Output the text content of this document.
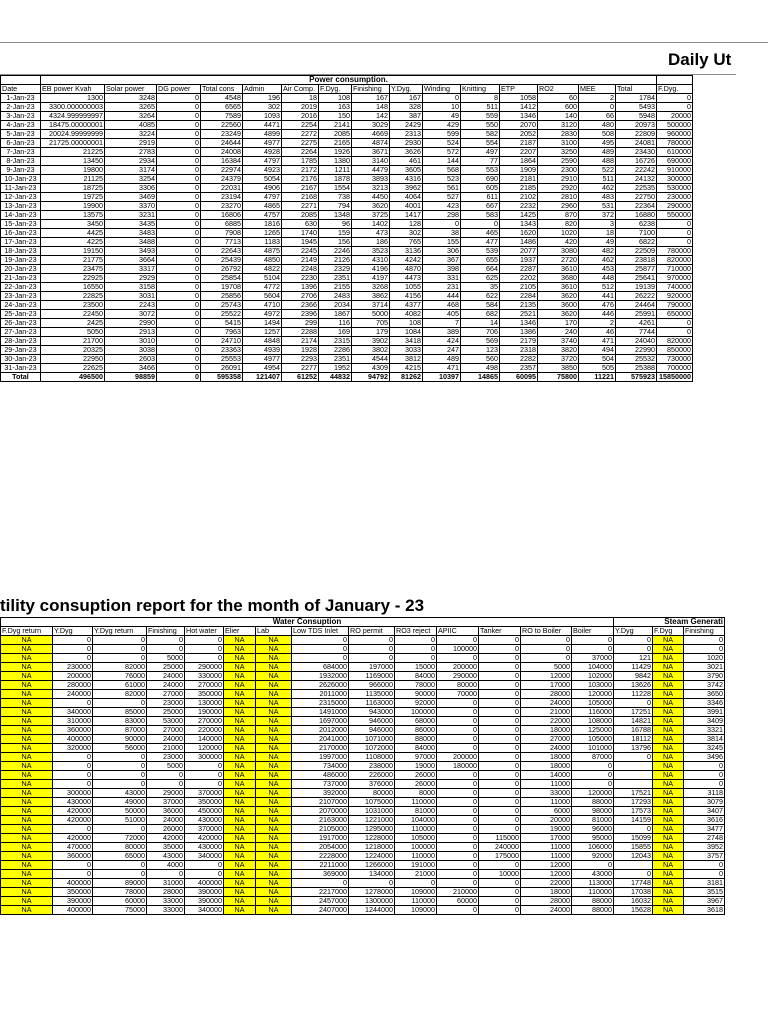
Daily Ut
	Power consumption.															
Date	EB power Kvah	Solar power	DG power	Total cons	Admin	Air Comp.	F.Dyg.	Finishing	Y.Dyg.	Winding	Knitting	ETP	RO2	MEE	Total	F.Dyg.
1-Jan-23	1300	3248	0	4548	196	18	108	167	167	0	8	1058	60	2	1784	0
2-Jan-23	3300.000000003	3265	0	6565	302	2019	163	148	328	10	511	1412	600	0	5493	0
3-Jan-23	4324.999999997	3264	0	7589	1093	2016	150	142	387	49	559	1346	140	66	5948	20000
4-Jan-23	18475.00000001	4085	0	22560	4471	2254	2141	3029	2429	429	550	2070	3120	480	20973	500000
5-Jan-23	20024.99999999	3224	0	23249	4899	2272	2085	4669	2313	599	582	2052	2830	508	22809	960000
6-Jan-23	21725.00000001	2919	0	24644	4977	2275	2165	4874	2930	524	554	2187	3100	495	24081	780000
7-Jan-23	21225	2783	0	24008	4928	2264	1926	3671	3626	572	497	2207	3250	489	23430	610000
8-Jan-23	13450	2934	0	16384	4797	1785	1380	3140	461	144	77	1864	2590	488	16726	690000
9-Jan-23	19800	3174	0	22974	4923	2172	1211	4479	3605	568	553	1909	2300	522	22242	910000
10-Jan-23	21125	3254	0	24379	5054	2176	1878	3893	4316	523	690	2181	2910	511	24132	300000
11-Jan-23	18725	3306	0	22031	4906	2167	1554	3213	3962	561	605	2185	2920	462	22535	530000
12-Jan-23	19725	3469	0	23194	4797	2168	738	4450	4064	527	611	2102	2810	483	22750	230000
13-Jan-23	19900	3370	0	23270	4865	2271	794	3620	4001	423	667	2232	2960	531	22364	290000
14-Jan-23	13575	3231	0	16806	4757	2085	1348	3725	1417	298	583	1425	870	372	16880	550000
15-Jan-23	3450	3435	0	6885	1816	630	96	1402	128	0	0	1343	820	3	6238	0
16-Jan-23	4425	3483	0	7908	1265	1740	159	473	302	38	465	1620	1020	18	7100	0
17-Jan-23	4225	3488	0	7713	1183	1945	156	186	765	155	477	1486	420	49	6822	0
18-Jan-23	19150	3493	0	22643	4875	2245	2246	3523	3136	306	539	2077	3080	482	22509	780000
19-Jan-23	21775	3664	0	25439	4850	2149	2126	4310	4242	367	655	1937	2720	462	23818	820000
20-Jan-23	23475	3317	0	26792	4822	2248	2329	4196	4870	398	664	2287	3610	453	25877	710000
21-Jan-23	22925	2929	0	25854	5104	2230	2351	4197	4473	331	625	2202	3680	448	25641	970000
22-Jan-23	16550	3158	0	19708	4772	1396	2155	3268	1055	231	35	2105	3610	512	19139	740000
23-Jan-23	22825	3031	0	25856	5604	2706	2483	3862	4156	444	622	2284	3620	441	26222	920000
24-Jan-23	23500	2243	0	25743	4710	2366	2034	3714	4377	468	584	2135	3600	476	24464	790000
25-Jan-23	22450	3072	0	25522	4972	2396	1867	5000	4082	405	682	2521	3620	446	25991	650000
26-Jan-23	2425	2990	0	5415	1494	299	116	705	108	7	14	1346	170	2	4261	0
27-Jan-23	5050	2913	0	7963	1257	2288	169	179	1084	389	706	1386	240	46	7744	0
28-Jan-23	21700	3010	0	24710	4848	2174	2315	3902	3418	424	569	2179	3740	471	24040	820000
29-Jan-23	20325	3038	0	23363	4939	1928	2286	3802	3033	247	123	2318	3820	494	22990	850000
30-Jan-23	22950	2603	0	25553	4977	2293	2351	4544	3812	489	560	2282	3720	504	25532	730000
31-Jan-23	22625	3466	0	26091	4954	2277	1952	4309	4215	471	498	2357	3850	505	25388	700000
Total	496500	98859	0	595358	121407	61252	44832	94792	81262	10397	14865	60095	75800	11221	575923	15850000
tility consuption report for the month of January - 23
Water Consuption														Steam Generati		
F.Dyg return	Y.Dyg	Y.Dyg return	Finishing	Hot water	Elier	Lab	Low TDS Inlet	RO permit	RO3 reject	APIIC	Tanker	RO to Boiler	Boiler	Y.Dyg	F.Dyg	Finishing
NA	0	0	0	0	NA	NA	0	0	0	0	0	0	0	0	NA	0
NA	0	0	0	0	NA	NA	0	0	0	100000	0	0	0	0	NA	0
NA	0	0	5000	0	NA	NA	0	0	0	0	0	0	37000	121	NA	1020
NA	230000	82000	25000	290000	NA	NA	684000	197000	15000	200000	0	5000	104000	11429	NA	3021
NA	200000	76000	24000	330000	NA	NA	1932000	1169000	84000	290000	0	12000	102000	9842	NA	3790
NA	280000	61000	24000	270000	NA	NA	2626000	966000	78000	80000	0	17000	103000	13626	NA	3742
NA	240000	82000	27000	350000	NA	NA	2011000	1135000	90000	70000	0	28000	120000	11228	NA	3650
NA	0	0	23000	130000	NA	NA	2315000	1163000	92000	0	0	24000	105000	0	NA	3346
NA	340000	85000	25000	190000	NA	NA	1491000	943000	100000	0	0	21000	116000	17251	NA	3991
NA	310000	83000	53000	270000	NA	NA	1697000	946000	68000	0	0	22000	108000	14821	NA	3409
NA	360000	87000	27000	220000	NA	NA	2012000	946000	86000	0	0	18000	125000	16788	NA	3321
NA	400000	90000	24000	140000	NA	NA	2041000	1071000	88000	0	0	27000	105000	18112	NA	3814
NA	320000	56000	21000	120000	NA	NA	2170000	1072000	84000	0	0	24000	101000	13796	NA	3245
NA	0	0	23000	300000	NA	NA	1997000	1108000	97000	200000	0	18000	87000	0	NA	3496
NA	0	0	5000	0	NA	NA	734000	238000	19000	180000	0	18000	0		NA	0
NA	0	0	0	0	NA	NA	486000	226000	26000	0	0	14000	0		NA	0
NA	0	0	0	0	NA	NA	737000	376000	26000	0	0	11000	0		NA	0
NA	300000	43000	29000	370000	NA	NA	392000	80000	8000	0	0	33000	120000	17521	NA	3118
NA	430000	49000	37000	350000	NA	NA	2107000	1075000	110000	0	0	11000	88000	17293	NA	3079
NA	420000	50000	36000	450000	NA	NA	2070000	1031000	81000	0	0	6000	98000	17573	NA	3407
NA	420000	51000	24000	430000	NA	NA	2163000	1221000	104000	0	0	20000	81000	14159	NA	3616
NA	0	0	26000	370000	NA	NA	2105000	1295000	110000	0	0	19000	96000	0	NA	3477
NA	420000	72000	42000	420000	NA	NA	1917000	1228000	105000	0	115000	17000	95000	15099	NA	2748
NA	470000	80000	35000	430000	NA	NA	2054000	1218000	100000	0	240000	11000	106000	15855	NA	3952
NA	360000	65000	43000	340000	NA	NA	2228000	1224000	110000	0	175000	11000	92000	12043	NA	3757
NA	0	0	4000	0	NA	NA	2211000	1266000	191000	0	0	12000	0		NA	0
NA	0	0	0	0	NA	NA	369000	134000	21000	0	10000	12000	43000	0	NA	0
NA	400000	89000	31000	400000	NA	NA	0	0	0	0	0	22000	113000	17748	NA	3181
NA	350000	78000	28000	390000	NA	NA	2217000	1278000	109000	210000	0	18000	110000	17038	NA	3515
NA	390000	60000	33000	390000	NA	NA	2457000	1300000	110000	60000	0	28000	88000	16032	NA	3967
NA	400000	75000	33000	340000	NA	NA	2407000	1244000	109000	0	0	24000	88000	15628	NA	3618
